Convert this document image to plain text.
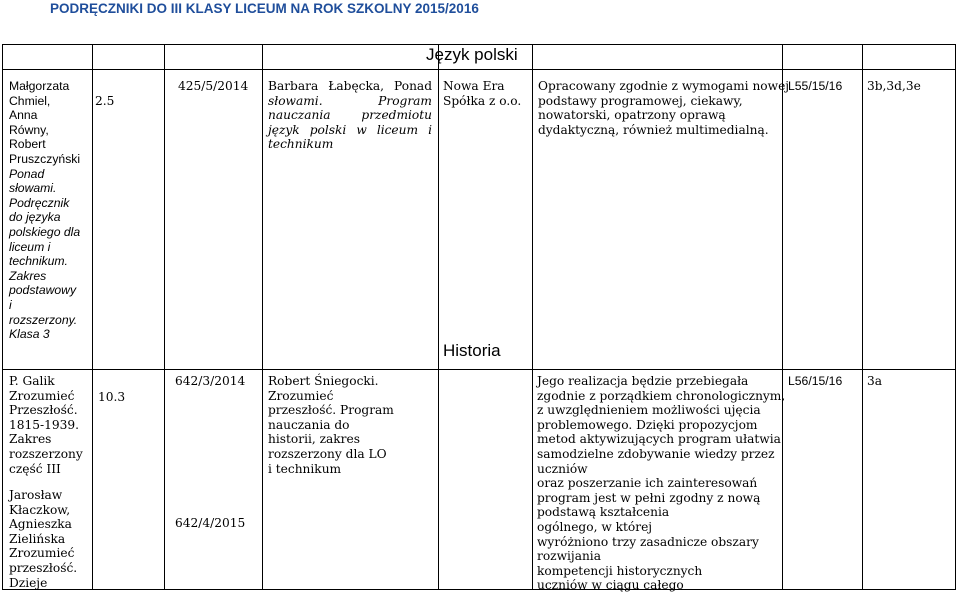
PODRĘCZNIKI DO III KLASY LICEUM NA ROK SZKOLNY 2015/2016
Język polski
Historia
Małgorzata
Chmiel,
Anna
Równy,
Robert
Pruszczyński
Ponad
słowami.
Podręcznik
do języka
polskiego dla
liceum i
technikum.
Zakres
podstawowy
i
rozszerzony.
Klasa 3
2.5
425/5/2014 Barbara Łabęcka, Ponad
słowami. Program
nauczania przedmiotu
język polski w liceum i
technikum
Nowa Era
Spółka z o.o.
Opracowany zgodnie z wymogami nowej
podstawy programowej, ciekawy,
nowatorski, opatrzony oprawą
dydaktyczną, również multimedialną.
L55/15/16 3b,3d,3e
P. Galik
Zrozumieć
Przeszłość.
1815-1939.
Zakres
rozszerzony
część III
Jarosław
Kłaczkow,
Agnieszka
Zielińska
Zrozumieć
przeszłość.
Dzieje
10.3
642/3/2014
642/4/2015
Robert Śniegocki.
Zrozumieć
przeszłość. Program
nauczania do
historii, zakres
rozszerzony dla LO
i technikum
Jego realizacja będzie przebiegała
zgodnie z porządkiem chronologicznym,
z uwzględnieniem możliwości ujęcia
problemowego. Dzięki propozycjom
metod aktywizujących program ułatwia
samodzielne zdobywanie wiedzy przez
uczniów
oraz poszerzanie ich zainteresowań
program jest w pełni zgodny z nową
podstawą kształcenia
ogólnego, w której
wyróżniono trzy zasadnicze obszary
rozwijania
kompetencji historycznych
uczniów w ciągu całego
L56/15/16 3a
